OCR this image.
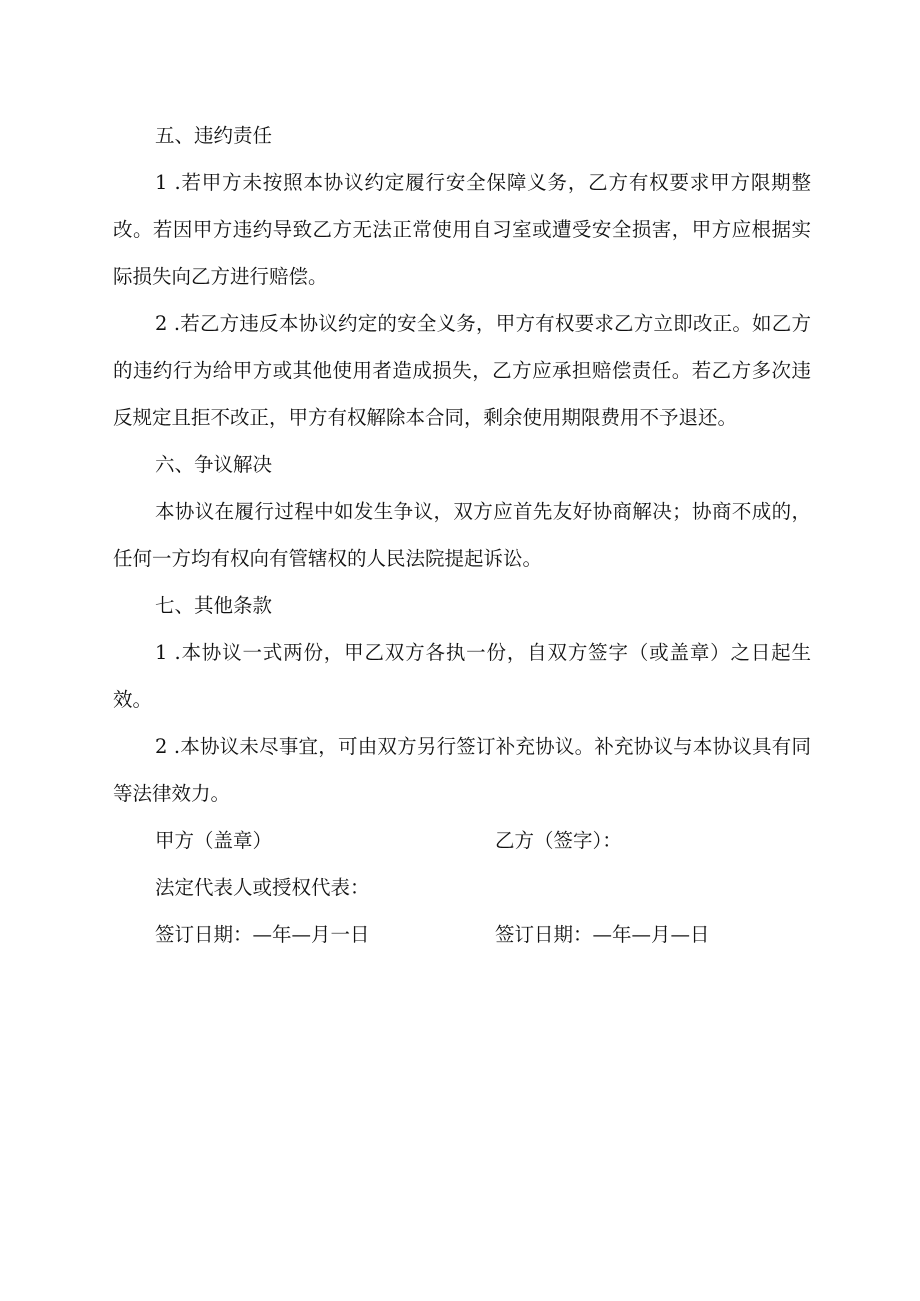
五、违约责任

1 .若甲方未按照本协议约定履行安全保障义务，乙方有权要求甲方限期整改。若因甲方违约导致乙方无法正常使用自习室或遭受安全损害，甲方应根据实际损失向乙方进行赔偿。

2 .若乙方违反本协议约定的安全义务，甲方有权要求乙方立即改正。如乙方的违约行为给甲方或其他使用者造成损失，乙方应承担赔偿责任。若乙方多次违反规定且拒不改正，甲方有权解除本合同，剩余使用期限费用不予退还。

六、争议解决

本协议在履行过程中如发生争议，双方应首先友好协商解决；协商不成的，任何一方均有权向有管辖权的人民法院提起诉讼。

七、其他条款

1 .本协议一式两份，甲乙双方各执一份，自双方签字（或盖章）之日起生效。

2 .本协议未尽事宜，可由双方另行签订补充协议。补充协议与本协议具有同等法律效力。

甲方（盖章）	乙方（签字）：
法定代表人或授权代表：
签订日期：—年—月一日	签订日期：—年—月—日
